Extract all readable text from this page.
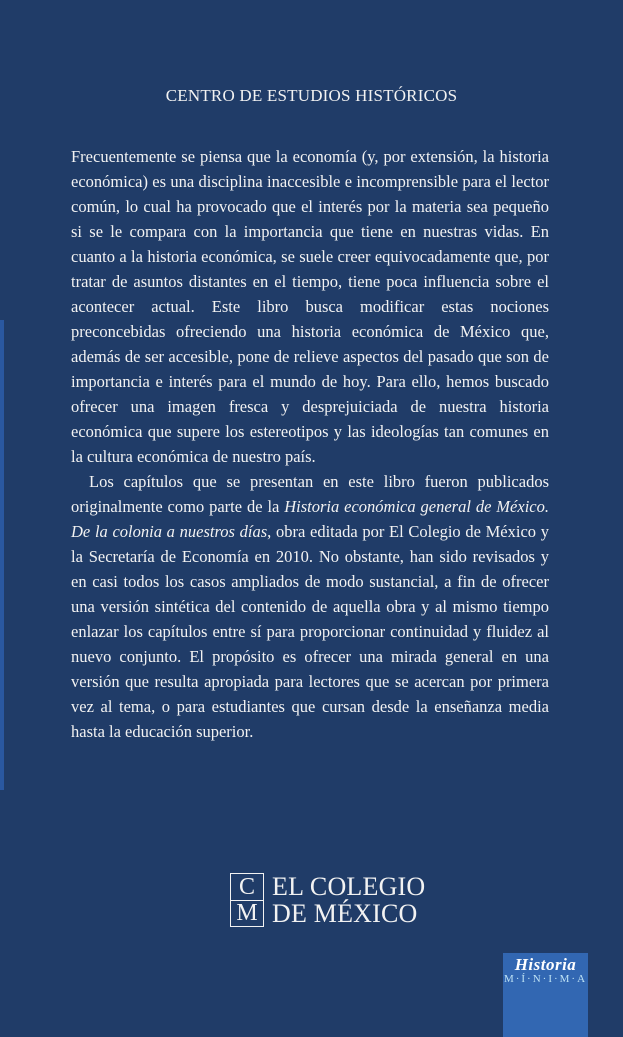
CENTRO DE ESTUDIOS HISTÓRICOS

Frecuentemente se piensa que la economía (y, por extensión, la historia económica) es una disciplina inaccesible e incomprensible para el lector común, lo cual ha provocado que el interés por la materia sea pequeño si se le compara con la importancia que tiene en nuestras vidas. En cuanto a la historia económica, se suele creer equivocadamente que, por tratar de asuntos distantes en el tiempo, tiene poca influencia sobre el acontecer actual. Este libro busca modificar estas nociones preconcebidas ofreciendo una historia económica de México que, además de ser accesible, pone de relieve aspectos del pasado que son de importancia e interés para el mundo de hoy. Para ello, hemos buscado ofrecer una imagen fresca y desprejuiciada de nuestra historia económica que supere los estereotipos y las ideologías tan comunes en la cultura económica de nuestro país.

Los capítulos que se presentan en este libro fueron publicados originalmente como parte de la Historia económica general de México. De la colonia a nuestros días, obra editada por El Colegio de México y la Secretaría de Economía en 2010. No obstante, han sido revisados y en casi todos los casos ampliados de modo sustancial, a fin de ofrecer una versión sintética del contenido de aquella obra y al mismo tiempo enlazar los capítulos entre sí para proporcionar continuidad y fluidez al nuevo conjunto. El propósito es ofrecer una mirada general en una versión que resulta apropiada para lectores que se acercan por primera vez al tema, o para estudiantes que cursan desde la enseñanza media hasta la educación superior.

C
M
EL COLEGIO
DE MÉXICO
Historia
M·Í·N·I·M·A
